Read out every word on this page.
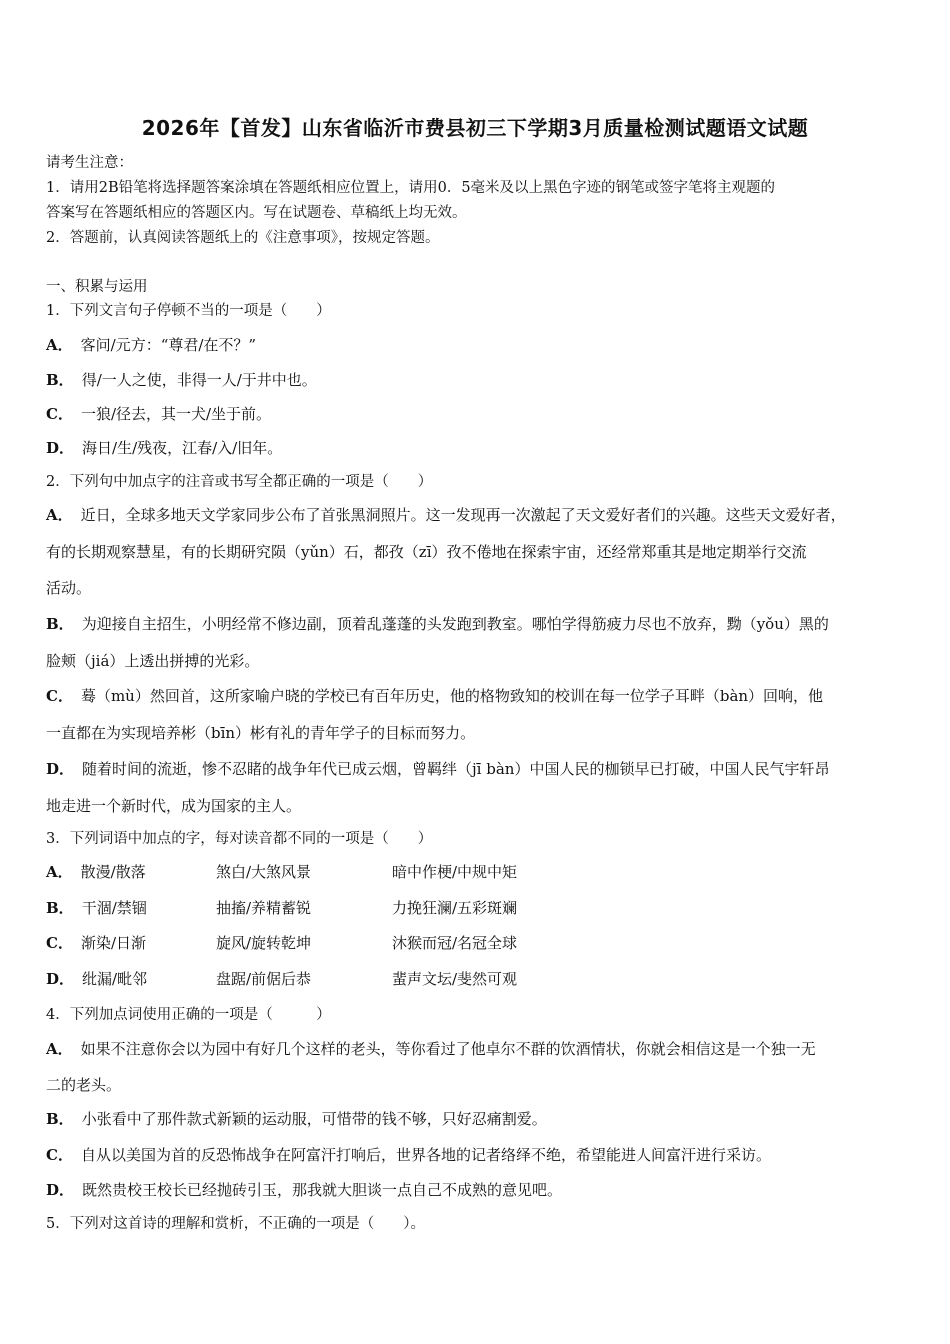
2026年【首发】山东省临沂市费县初三下学期3月质量检测试题语文试题
请考生注意：
1．请用2B铅笔将选择题答案涂填在答题纸相应位置上，请用0．5毫米及以上黑色字迹的钢笔或签字笔将主观题的
答案写在答题纸相应的答题区内。写在试题卷、草稿纸上均无效。
2．答题前，认真阅读答题纸上的《注意事项》，按规定答题。
一、积累与运用
1．下列文言句子停顿不当的一项是（　　）
A． 客问/元方：“尊君/在不？”
B． 得/一人之使，非得一人/于井中也。
C． 一狼/径去，其一犬/坐于前。
D． 海日/生/残夜，江春/入/旧年。
2．下列句中加点字的注音或书写全都正确的一项是（　　）
A． 近日，全球多地天文学家同步公布了首张黑洞照片。这一发现再一次激起了天文爱好者们的兴趣。这些天文爱好者，
有的长期观察慧星，有的长期研究陨（yǔn）石，都孜（zī）孜不倦地在探索宇宙，还经常郑重其是地定期举行交流
活动。
B． 为迎接自主招生，小明经常不修边副，顶着乱蓬蓬的头发跑到教室。哪怕学得筋疲力尽也不放弃，黝（yǒu）黑的
脸颊（jiá）上透出拼搏的光彩。
C． 蓦（mù）然回首，这所家喻户晓的学校已有百年历史，他的格物致知的校训在每一位学子耳畔（bàn）回响，他
一直都在为实现培养彬（bīn）彬有礼的青年学子的目标而努力。
D． 随着时间的流逝，惨不忍睹的战争年代已成云烟，曾羁绊（jī bàn）中国人民的枷锁早已打破，中国人民气宇轩昂
地走进一个新时代，成为国家的主人。
3．下列词语中加点的字，每对读音都不同的一项是（　　）
A． 散漫/散落	煞白/大煞风景	暗中作梗/中规中矩
B． 干涸/禁锢	抽搐/养精蓄锐	力挽狂澜/五彩斑斓
C． 渐染/日渐	旋风/旋转乾坤	沐猴而冠/名冠全球
D． 纰漏/毗邻	盘踞/前倨后恭	蜚声文坛/斐然可观
4．下列加点词使用正确的一项是（　　　）
A． 如果不注意你会以为园中有好几个这样的老头，等你看过了他卓尔不群的饮酒情状，你就会相信这是一个独一无
二的老头。
B． 小张看中了那件款式新颖的运动服，可惜带的钱不够，只好忍痛割爱。
C． 自从以美国为首的反恐怖战争在阿富汗打响后，世界各地的记者络绎不绝，希望能进人间富汗进行采访。
D． 既然贵校王校长已经抛砖引玉，那我就大胆谈一点自己不成熟的意见吧。
5．下列对这首诗的理解和赏析，不正确的一项是（　　）。
